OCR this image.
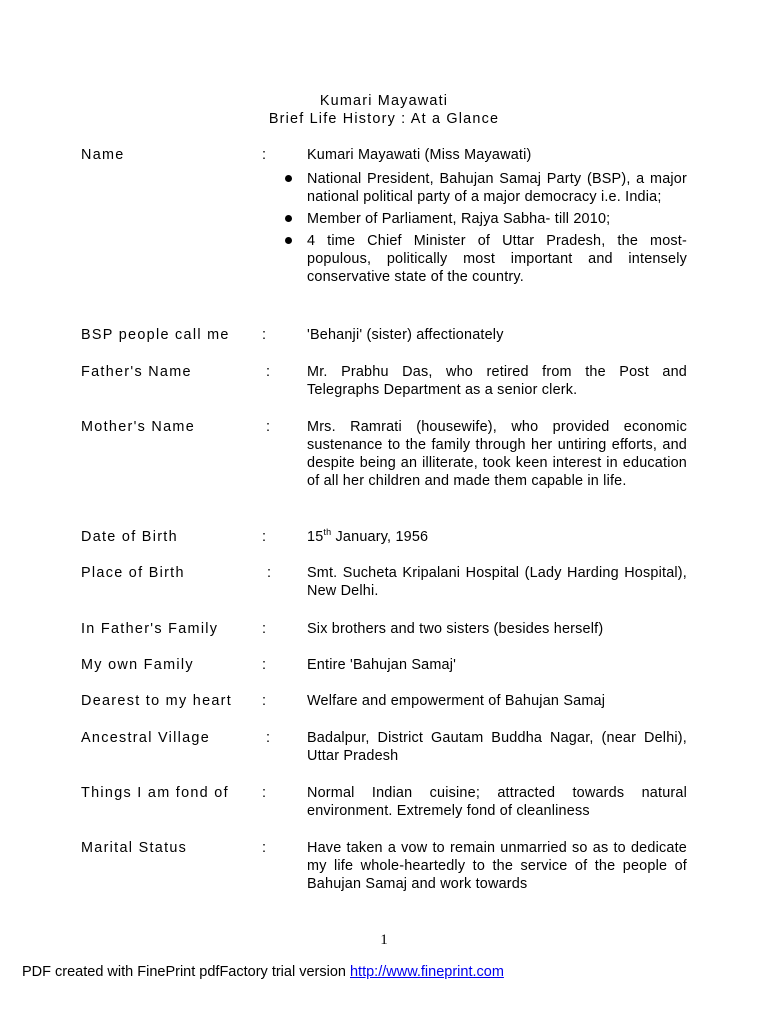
Kumari Mayawati
Brief Life History : At a Glance
Name	:	Kumari Mayawati (Miss Mayawati)
National President, Bahujan Samaj Party (BSP), a major national political party of a major democracy i.e. India;
Member of Parliament, Rajya Sabha- till 2010;
4 time Chief Minister of Uttar Pradesh, the most-populous, politically most important and intensely conservative state of the country.
BSP people call me :	'Behanji' (sister) affectionately
Father's Name	:	Mr. Prabhu Das, who retired from the Post and Telegraphs Department as a senior clerk.
Mother's Name	:	Mrs. Ramrati (housewife), who provided economic sustenance to the family through her untiring efforts, and despite being an illiterate, took keen interest in education of all her children and made them capable in life.
Date of Birth	:	15th January, 1956
Place of Birth	:	Smt. Sucheta Kripalani Hospital (Lady Harding Hospital), New Delhi.
In Father's Family	:	Six brothers and two sisters (besides herself)
My own Family	:	Entire 'Bahujan Samaj'
Dearest to my heart :	Welfare and empowerment of Bahujan Samaj
Ancestral Village	:	Badalpur, District Gautam Buddha Nagar, (near Delhi), Uttar Pradesh
Things I am fond of :	Normal Indian cuisine; attracted towards natural environment. Extremely fond of cleanliness
Marital Status	:	Have taken a vow to remain unmarried so as to dedicate my life whole-heartedly to the service of the people of Bahujan Samaj and work towards
1
PDF created with FinePrint pdfFactory trial version http://www.fineprint.com
